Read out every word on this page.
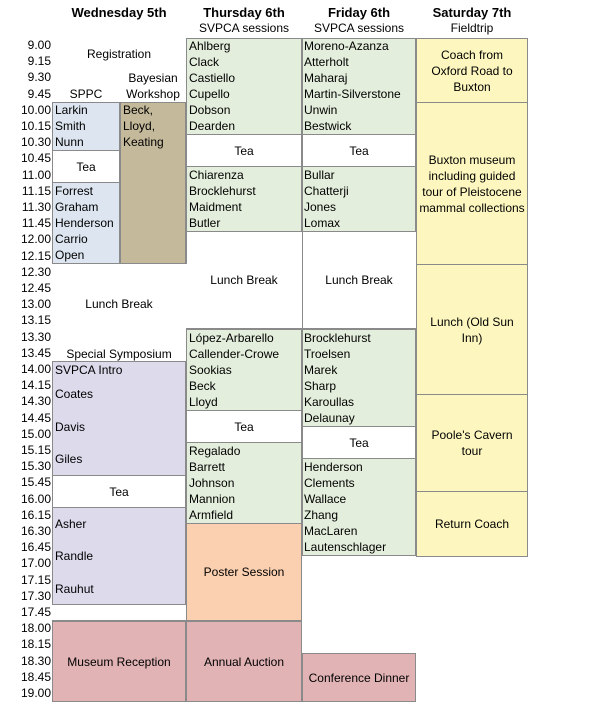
Wednesday 5th	Thursday 6th
SVPCA sessions
Friday 6th
SVPCA sessions
Saturday 7th
Fieldtrip
9.00
9.15
9.30
9.45
10.00
10.15
10.30
10.45
11.00
11.15
11.30
11.45
12.00
12.15
12.30
12.45
13.00
13.15
13.30
13.45
14.00
14.15
14.30
14.45
15.00
15.15
15.30
15.45
16.00
16.15
16.30
16.45
17.00
17.15
17.30
17.45
18.00
18.15
18.30
18.45
19.00
Registration
SPPC
Bayesian Workshop
Larkin
Smith
Nunn
Tea
Forrest
Graham
Henderson
Carrio
Open
Beck,
Lloyd,
Keating
Lunch Break
Special Symposium
SVPCA Intro
Coates
Davis
Giles
Tea
Asher
Randle
Rauhut
Museum Reception
Ahlberg
Clack
Castiello
Cupello
Dobson
Dearden
Tea
Chiarenza
Brocklehurst
Maidment
Butler
Lunch Break
López-Arbarello
Callender-Crowe
Sookias
Beck
Lloyd
Tea
Regalado
Barrett
Johnson
Mannion
Armfield
Poster Session
Annual Auction
Moreno-Azanza
Atterholt
Maharaj
Martin-Silverstone
Unwin
Bestwick
Tea
Bullar
Chatterji
Jones
Lomax
Lunch Break
Brocklehurst
Troelsen
Marek
Sharp
Karoullas
Delaunay
Tea
Henderson
Clements
Wallace
Zhang
MacLaren
Lautenschlager
Conference Dinner
Coach from Oxford Road to Buxton
Buxton museum including guided tour of Pleistocene mammal collections
Lunch (Old Sun Inn)
Poole's Cavern tour
Return Coach
